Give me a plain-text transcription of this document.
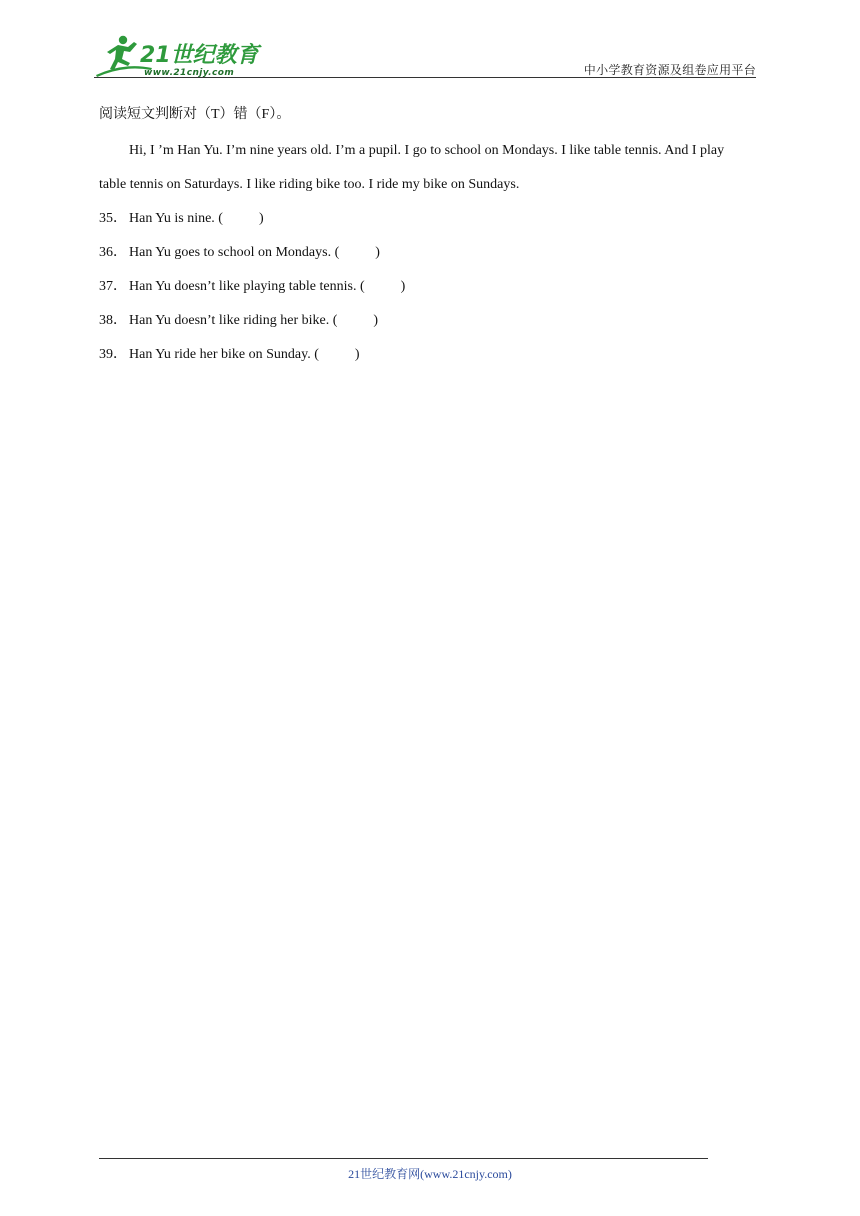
21世纪教育
www.21cnjy.com	中小学教育资源及组卷应用平台
阅读短文判断对（T）错（F）。

Hi, I ’m Han Yu. I’m nine years old. I’m a pupil. I go to school on Mondays. I like table tennis. And I play table tennis on Saturdays. I like riding bike too. I ride my bike on Sundays.

35． Han Yu is nine. (	)
36． Han Yu goes to school on Mondays. (	)
37． Han Yu doesn’t like playing table tennis. (	)
38． Han Yu doesn’t like riding her bike. (	)
39． Han Yu ride her bike on Sunday. (	)
21世纪教育网(www.21cnjy.com)
